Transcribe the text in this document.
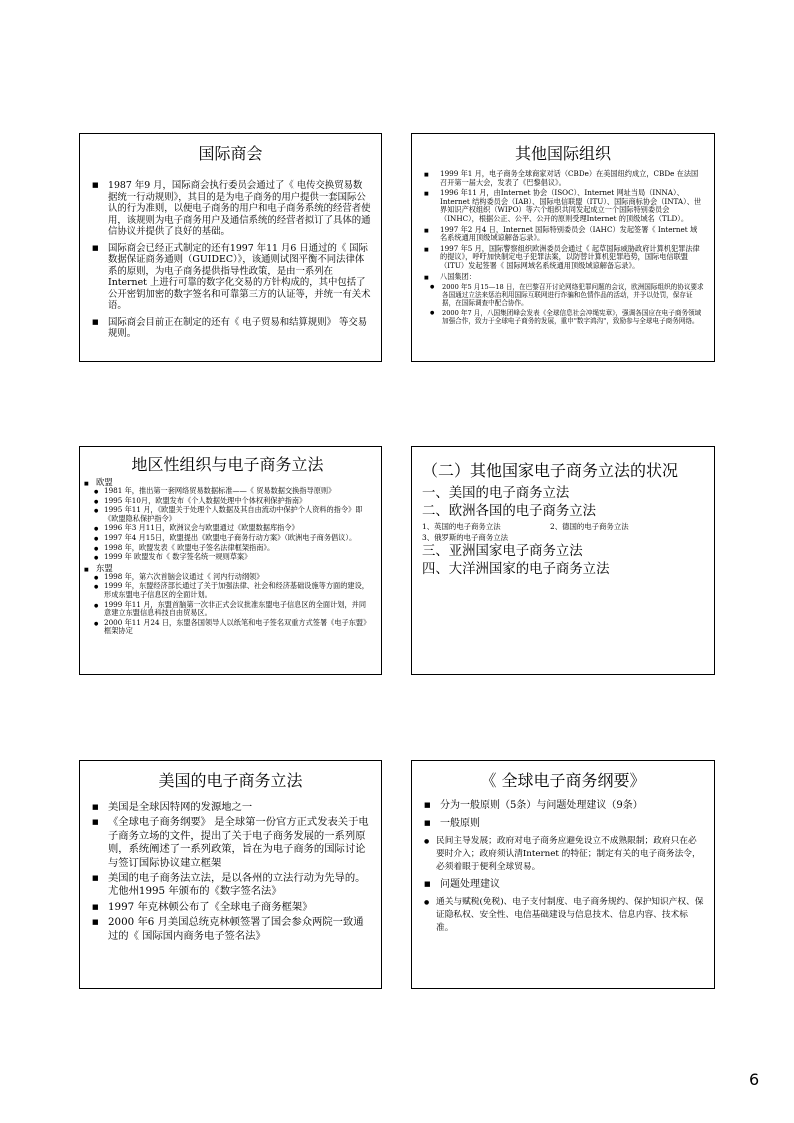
国际商会
■ 1987 年9 月，国际商会执行委员会通过了《 电传交换贸易数据统一行动规则》，其目的是为电子商务的用户提供一套国际公认的行为准则，以便电子商务的用户和电子商务系统的经营者使用，该规则为电子商务用户及通信系统的经营者拟订了具体的通信协议并提供了良好的基础。
■ 国际商会已经正式制定的还有1997 年11 月6 日通过的《 国际数据保证商务通则（GUIDEC）》，该通则试图平衡不同法律体系的原则，为电子商务提供指导性政策，是由一系列在Internet 上进行可靠的数字化交易的方针构成的，其中包括了公开密钥加密的数字签名和可靠第三方的认证等，并统一有关术语。
■ 国际商会目前正在制定的还有《 电子贸易和结算规则》 等交易规则。
其他国际组织
■ 1999 年1 月，电子商务全球商家对话（CBDe）在美国纽约成立，CBDe 在法国召开第一届大会，发表了《巴黎倡议》。
■ 1996 年11 月，由Internet 协会（ISOC）、Internet 网址当局（INNA）、Internet 结构委员会（IAB）、国际电信联盟（ITU）、国际商标协会（INTA）、世界知识产权组织（WIPO）等六个组织共同发起成立一个国际特别委员会（INHC），根据公正、公平、公开的原则受理Internet 的顶级域名（TLD）。
■ 1997 年2 月4 日，Internet 国际特别委员会（IAHC）发起签署《 Internet 域名系统通用顶级域谅解备忘录》。
■ 1997 年5 月，国际警察组织欧洲委员会通过《 起草国际威胁政府计算机犯罪法律的提议》，呼吁加快制定电子犯罪法案，以防替计算机犯罪趋势，国际电信联盟（ITU）发起签署《 国际网域名系统通用顶级域谅解备忘录》。
■ 八国集团：
● 2000 年5 月15—18 日，在巴黎召开讨论网络犯罪问题的会议，欧洲国际组织的协议要求各国通过立法来惩治利用国际互联网进行诈骗和色情作品的活动，并予以处罚，保存证据，在国际调查中配合协作。
● 2000 年7 月，八国集团峰会发表《全球信息社会冲绳宪章》，强调各国应在电子商务领域加强合作，致力于全球电子商务的发展，重申"数字鸿沟"，致励参与全球电子商务网络。
地区性组织与电子商务立法
■ 欧盟
● 1981 年，推出第一套网络贸易数据标准——《 贸易数据交换指导原则》
● 1995 年10月，欧盟发布《个人数据处理中个体权利保护指南》
● 1995 年11 月，《欧盟关于处理个人数据及其自由流动中保护个人资料的指令》即《欧盟隐私保护指令》
● 1996 年3 月11日，欧洲议会与欧盟通过《欧盟数据库指令》
● 1997 年4 月15日，欧盟提出《欧盟电子商务行动方案》（欧洲电子商务倡议）。
● 1998 年，欧盟发表《 欧盟电子签名法律框架指南》。
● 1999 年 欧盟发布《 数字签名统一规则草案》
■ 东盟
● 1998 年，第六次首脑会议通过《 河内行动纲领》
● 1999 年，东盟经济部长通过了关于加强法律、社会和经济基础设施等方面的建设，形成东盟电子信息区的全面计划。
● 1999 年11 月，东盟首脑第一次非正式会议批准东盟电子信息区的全面计划，并同意建立东盟信息科技自由贸易区。
● 2000 年11 月24 日，东盟各国领导人以纸笔和电子签名双重方式签署《电子东盟》框架协定
（二）其他国家电子商务立法的状况

一、美国的电子商务立法

二、欧洲各国的电子商务立法

1、英国的电子商务立法	2、德国的电子商务立法
3、俄罗斯的电子商务立法

三、亚洲国家电子商务立法

四、大洋洲国家的电子商务立法

美国的电子商务立法
■ 美国是全球因特网的发源地之一
■ 《全球电子商务纲要》 是全球第一份官方正式发表关于电子商务立场的文件，提出了关于电子商务发展的一系列原则，系统阐述了一系列政策，旨在为电子商务的国际讨论与签订国际协议建立框架
■ 美国的电子商务法立法，是以各州的立法行动为先导的。尤他州1995 年颁布的《数字签名法》
■ 1997 年克林顿公布了《全球电子商务框架》
■ 2000 年6 月美国总统克林顿签署了国会参众两院一致通过的《 国际国内商务电子签名法》
《 全球电子商务纲要》
■ 分为一般原则（5条）与问题处理建议（9条）
■ 一般原则
● 民间主导发展；政府对电子商务应避免设立不成熟限制；政府只在必要时介入；政府须认清Internet 的特征；制定有关的电子商务法令，必须着眼于便利全球贸易。
■ 问题处理建议
● 通关与赋税(免税)、电子支付制度、电子商务规约、保护知识产权、保证隐私权、安全性、电信基础建设与信息技术、信息内容、技术标准。
6
